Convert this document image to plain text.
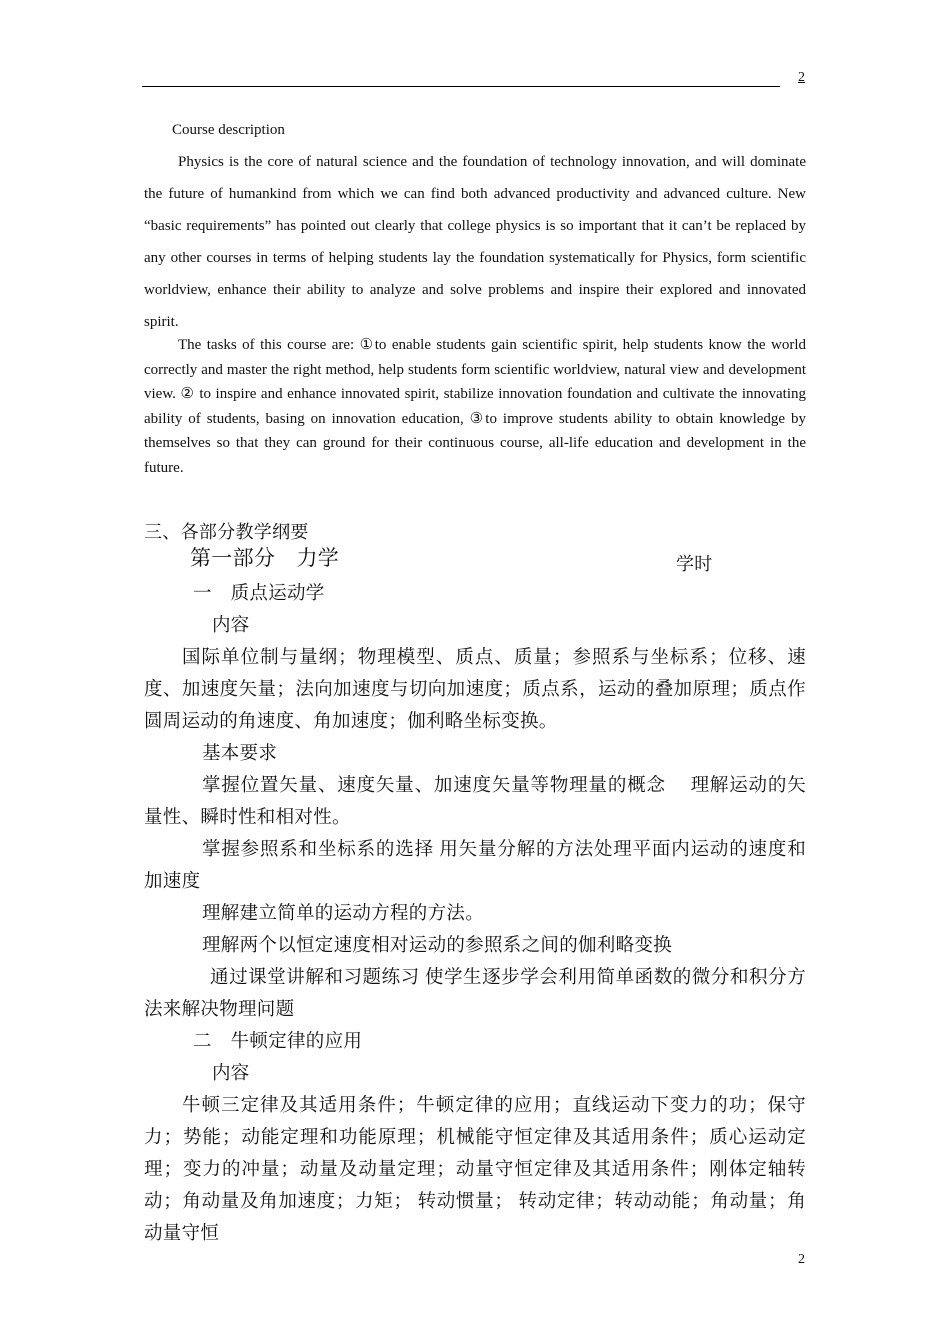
2
Course description
Physics is the core of natural science and the foundation of technology innovation, and will dominate the future of humankind from which we can find both advanced productivity and advanced culture. New “basic requirements” has pointed out clearly that college physics is so important that it can’t be replaced by any other courses in terms of helping students lay the foundation systematically for Physics, form scientific worldview, enhance their ability to analyze and solve problems and inspire their explored and innovated spirit.
The tasks of this course are: ①to enable students gain scientific spirit, help students know the world correctly and master the right method, help students form scientific worldview, natural view and development view. ② to inspire and enhance innovated spirit, stabilize innovation foundation and cultivate the innovating ability of students, basing on innovation education, ③to improve students ability to obtain knowledge by themselves so that they can ground for their continuous course, all-life education and development in the future.
三、各部分教学纲要
第一部分　力学	学时
一　质点运动学
内容
国际单位制与量纲；物理模型、质点、质量；参照系与坐标系；位移、速度、加速度矢量；法向加速度与切向加速度；质点系，运动的叠加原理；质点作圆周运动的角速度、角加速度；伽利略坐标变换。
基本要求
掌握位置矢量、速度矢量、加速度矢量等物理量的概念　 理解运动的矢量性、瞬时性和相对性。
掌握参照系和坐标系的选择 用矢量分解的方法处理平面内运动的速度和加速度
理解建立简单的运动方程的方法。
理解两个以恒定速度相对运动的参照系之间的伽利略变换
通过课堂讲解和习题练习 使学生逐步学会利用简单函数的微分和积分方法来解决物理问题
二　牛顿定律的应用
内容
牛顿三定律及其适用条件；牛顿定律的应用；直线运动下变力的功；保守力；势能；动能定理和功能原理；机械能守恒定律及其适用条件；质心运动定理；变力的冲量；动量及动量定理；动量守恒定律及其适用条件；刚体定轴转动；角动量及角加速度；力矩； 转动惯量； 转动定律；转动动能；角动量；角动量守恒
2
